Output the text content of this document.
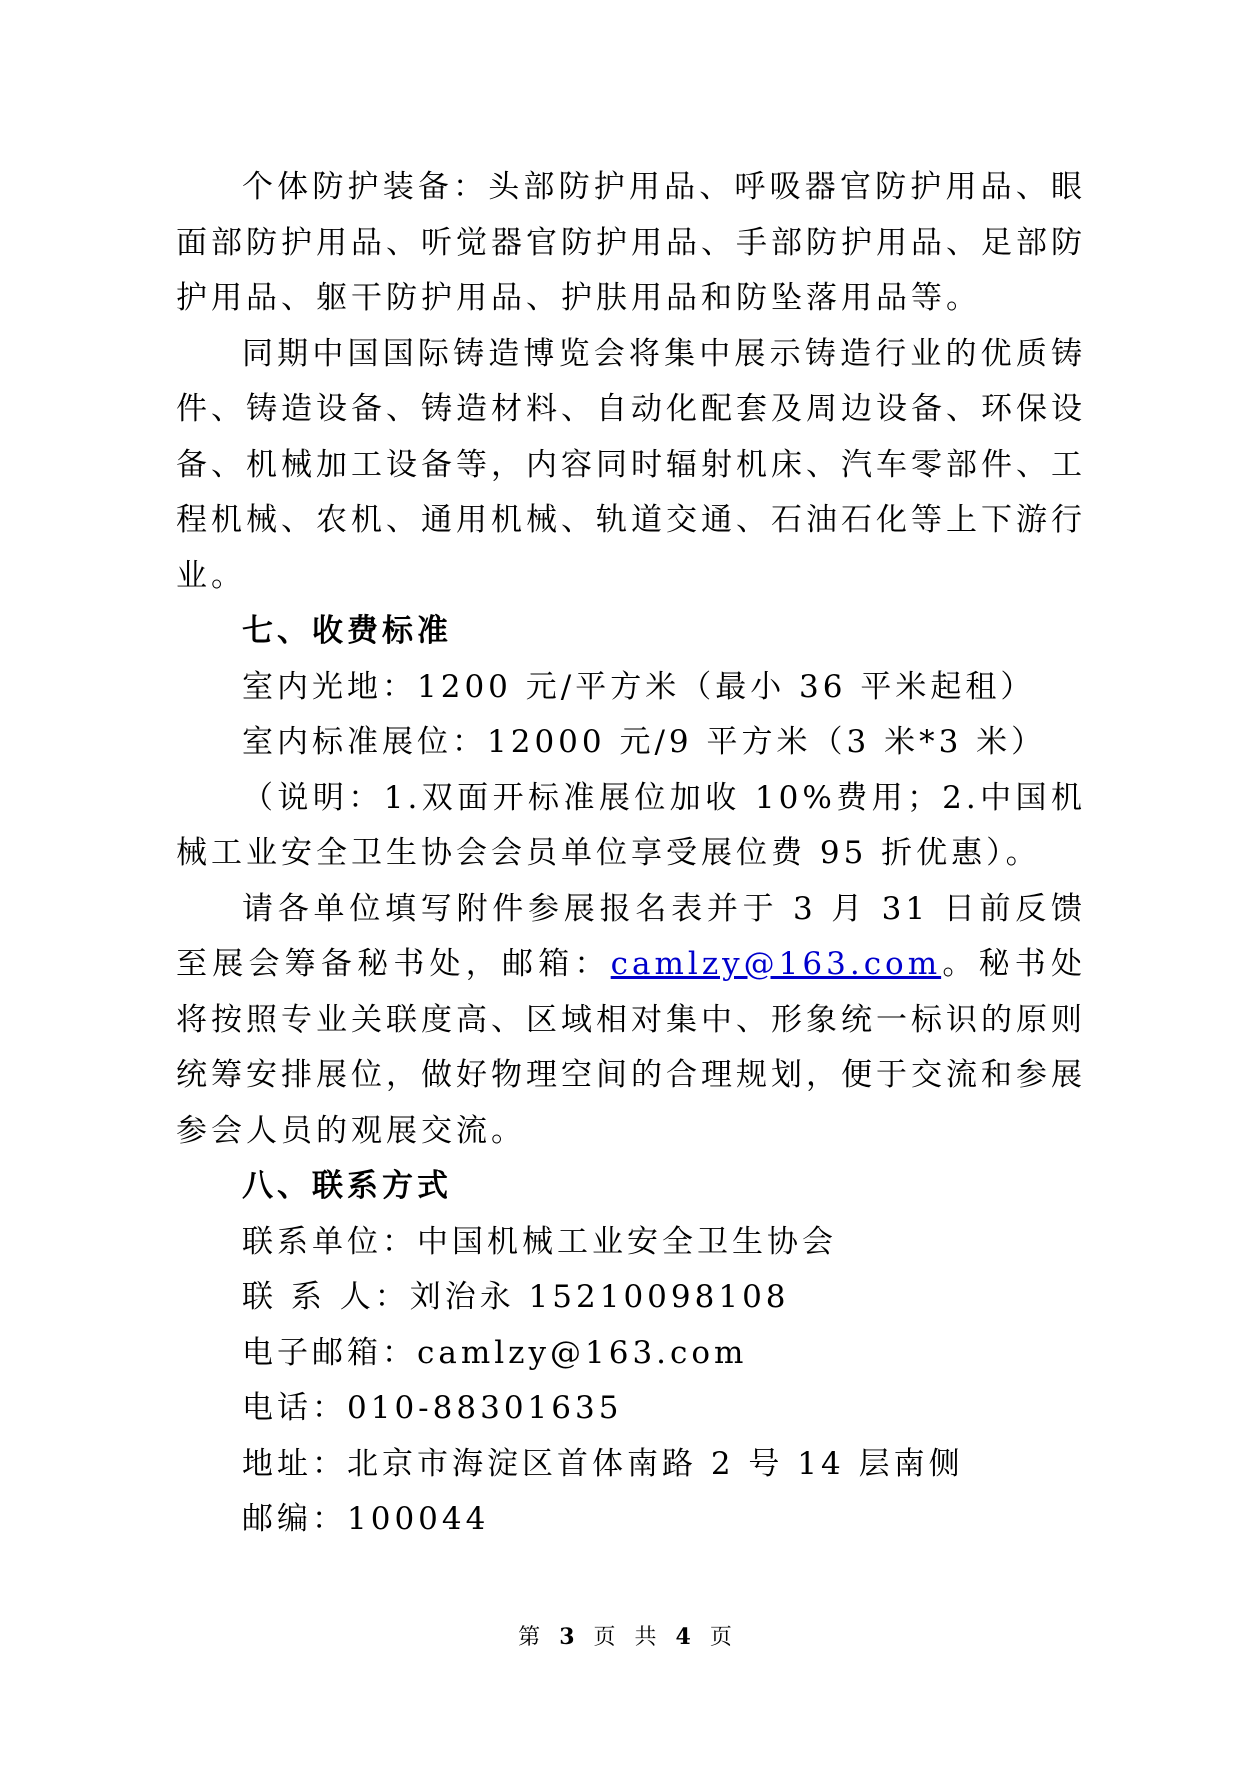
个体防护装备：头部防护用品、呼吸器官防护用品、眼面部防护用品、听觉器官防护用品、手部防护用品、足部防护用品、躯干防护用品、护肤用品和防坠落用品等。

同期中国国际铸造博览会将集中展示铸造行业的优质铸件、铸造设备、铸造材料、自动化配套及周边设备、环保设备、机械加工设备等，内容同时辐射机床、汽车零部件、工程机械、农机、通用机械、轨道交通、石油石化等上下游行业。

七、收费标准

室内光地：1200 元/平方米（最小 36 平米起租）

室内标准展位：12000 元/9 平方米（3 米*3 米）

（说明：1.双面开标准展位加收 10%费用；2.中国机械工业安全卫生协会会员单位享受展位费 95 折优惠）。

请各单位填写附件参展报名表并于 3 月 31 日前反馈至展会筹备秘书处，邮箱：camlzy@163.com。秘书处将按照专业关联度高、区域相对集中、形象统一标识的原则统筹安排展位，做好物理空间的合理规划，便于交流和参展参会人员的观展交流。

八、联系方式

联系单位：中国机械工业安全卫生协会

联 系 人：刘治永 15210098108

电子邮箱：camlzy@163.com

电话：010-88301635

地址：北京市海淀区首体南路 2 号 14 层南侧

邮编：100044

第 3 页 共 4 页
